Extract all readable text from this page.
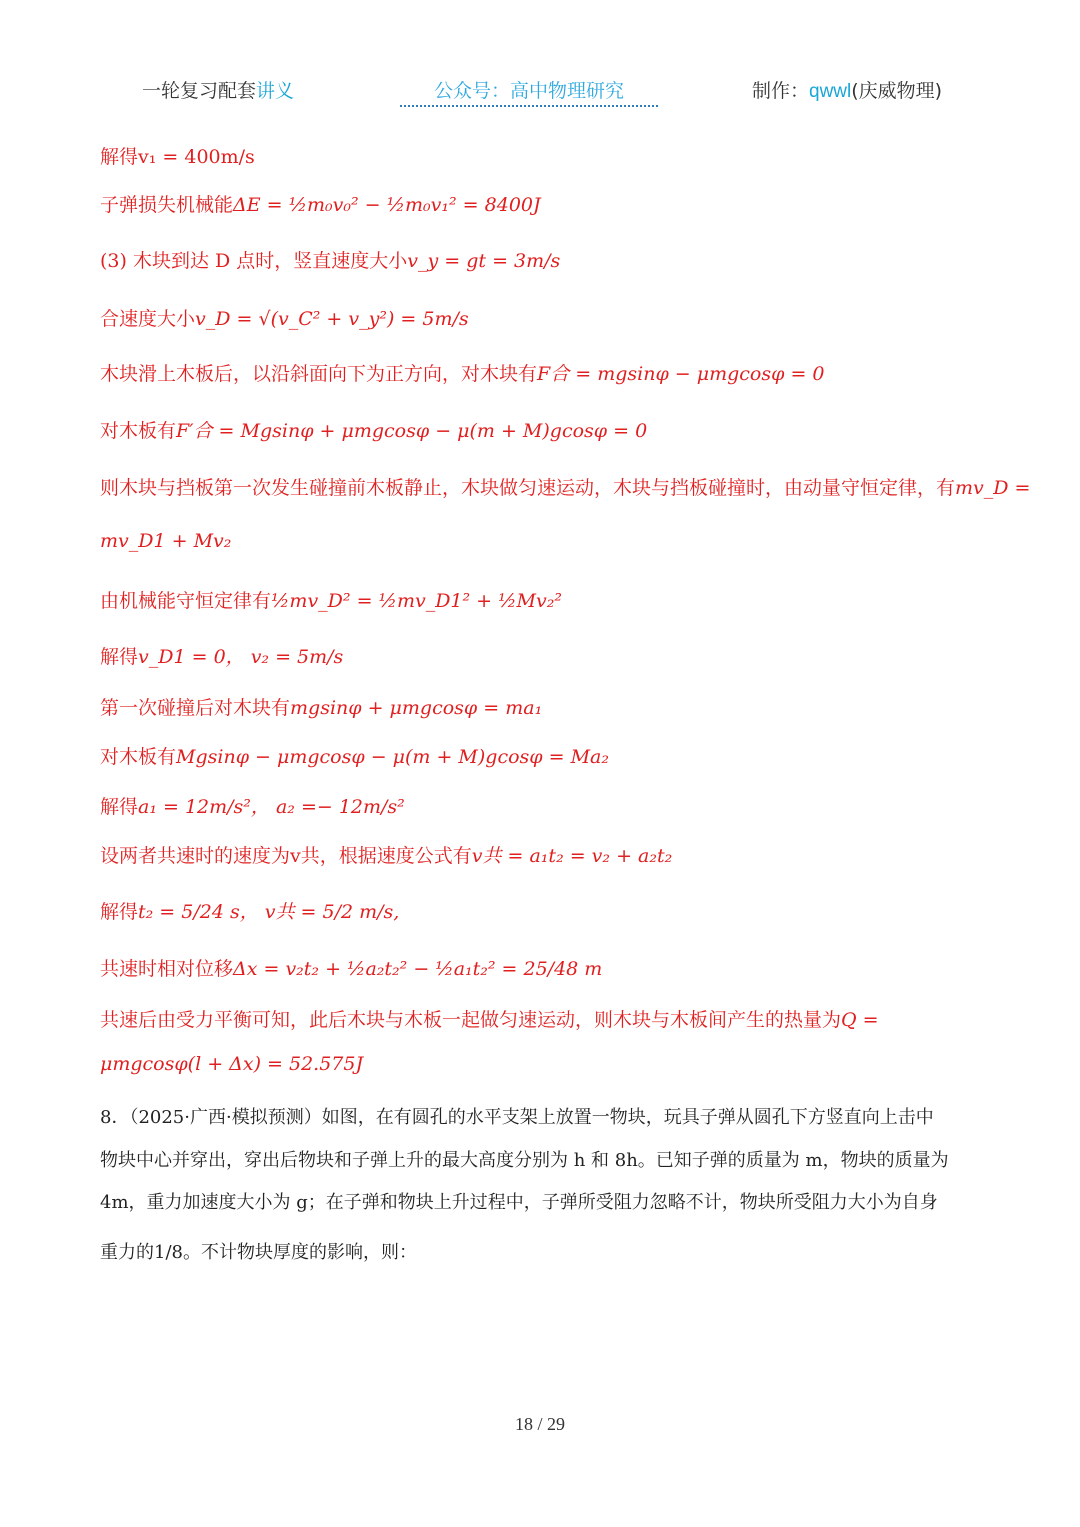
一轮复习配套讲义	公众号：高中物理研究	制作：qwwl(庆威物理)
解得v₁ = 400m/s
子弹损失机械能ΔE = ½m₀v₀² − ½m₀v₁² = 8400J
(3) 木块到达 D 点时，竖直速度大小v_y = gt = 3m/s
合速度大小v_D = √(v_C² + v_y²) = 5m/s
木块滑上木板后，以沿斜面向下为正方向，对木块有F合 = mgsinφ − μmgcosφ = 0
对木板有F′合 = Mgsinφ + μmgcosφ − μ(m + M)gcosφ = 0
则木块与挡板第一次发生碰撞前木板静止，木块做匀速运动，木块与挡板碰撞时，由动量守恒定律，有mv_D =
mv_D1 + Mv₂
由机械能守恒定律有½mv_D² = ½mv_D1² + ½Mv₂²
解得v_D1 = 0， v₂ = 5m/s
第一次碰撞后对木块有mgsinφ + μmgcosφ = ma₁
对木板有Mgsinφ − μmgcosφ − μ(m + M)gcosφ = Ma₂
解得a₁ = 12m/s²， a₂ =− 12m/s²
设两者共速时的速度为v共，根据速度公式有v共 = a₁t₂ = v₂ + a₂t₂
解得t₂ = 5/24 s， v共 = 5/2 m/s,
共速时相对位移Δx = v₂t₂ + ½a₂t₂² − ½a₁t₂² = 25/48 m
共速后由受力平衡可知，此后木块与木板一起做匀速运动，则木块与木板间产生的热量为Q =
μmgcosφ(l + Δx) = 52.575J
8．（2025·广西·模拟预测）如图，在有圆孔的水平支架上放置一物块，玩具子弹从圆孔下方竖直向上击中
物块中心并穿出，穿出后物块和子弹上升的最大高度分别为 h 和 8h。已知子弹的质量为 m，物块的质量为
4m，重力加速度大小为 g；在子弹和物块上升过程中，子弹所受阻力忽略不计，物块所受阻力大小为自身
重力的1/8。不计物块厚度的影响，则：
18 / 29
